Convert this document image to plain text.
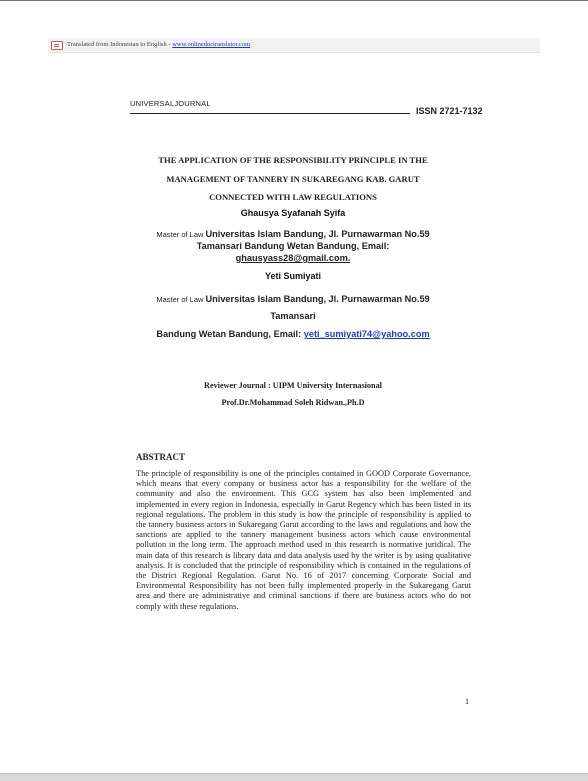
Translated from Indonesian to English - www.onlinedoctranslator.com
UNIVERSALJOURNAL
ISSN 2721-7132
THE APPLICATION OF THE RESPONSIBILITY PRINCIPLE IN THE
MANAGEMENT OF TANNERY IN SUKAREGANG KAB. GARUT
CONNECTED WITH LAW REGULATIONS
Ghausya Syafanah Syifa
Master of Law Universitas Islam Bandung, Jl. Purnawarman No.59
Tamansari Bandung Wetan Bandung, Email:
ghausyass28@gmail.com.
Yeti Sumiyati
Master of Law Universitas Islam Bandung, Jl. Purnawarman No.59
Tamansari
Bandung Wetan Bandung, Email: yeti_sumiyati74@yahoo.com
Reviewer Journal : UIPM University Internasional
Prof.Dr.Mohammad Soleh Ridwan.,Ph.D
ABSTRACT
The principle of responsibility is one of the principles contained in GOOD Corporate Governance, which means that every company or business actor has a responsibility for the welfare of the community and also the environment. This GCG system has also been implemented and implemented in every region in Indonesia, especially in Garut Regency which has been listed in its regional regulations. The problem in this study is how the principle of responsibility is applied to the tannery business actors in Sukaregang Garut according to the laws and regulations and how the sanctions are applied to the tannery management business actors which cause environmental pollution in the long term. The approach method used in this research is normative juridical. The main data of this research is library data and data analysis used by the writer is by using qualitative analysis. It is concluded that the principle of responsibility which is contained in the regulations of the District Regional Regulation. Garut No. 16 of 2017 concerning Corporate Social and Environmental Responsibility has not been fully implemented properly in the Sukaregang Garut area and there are administrative and criminal sanctions if there are business actors who do not comply with these regulations.
1
